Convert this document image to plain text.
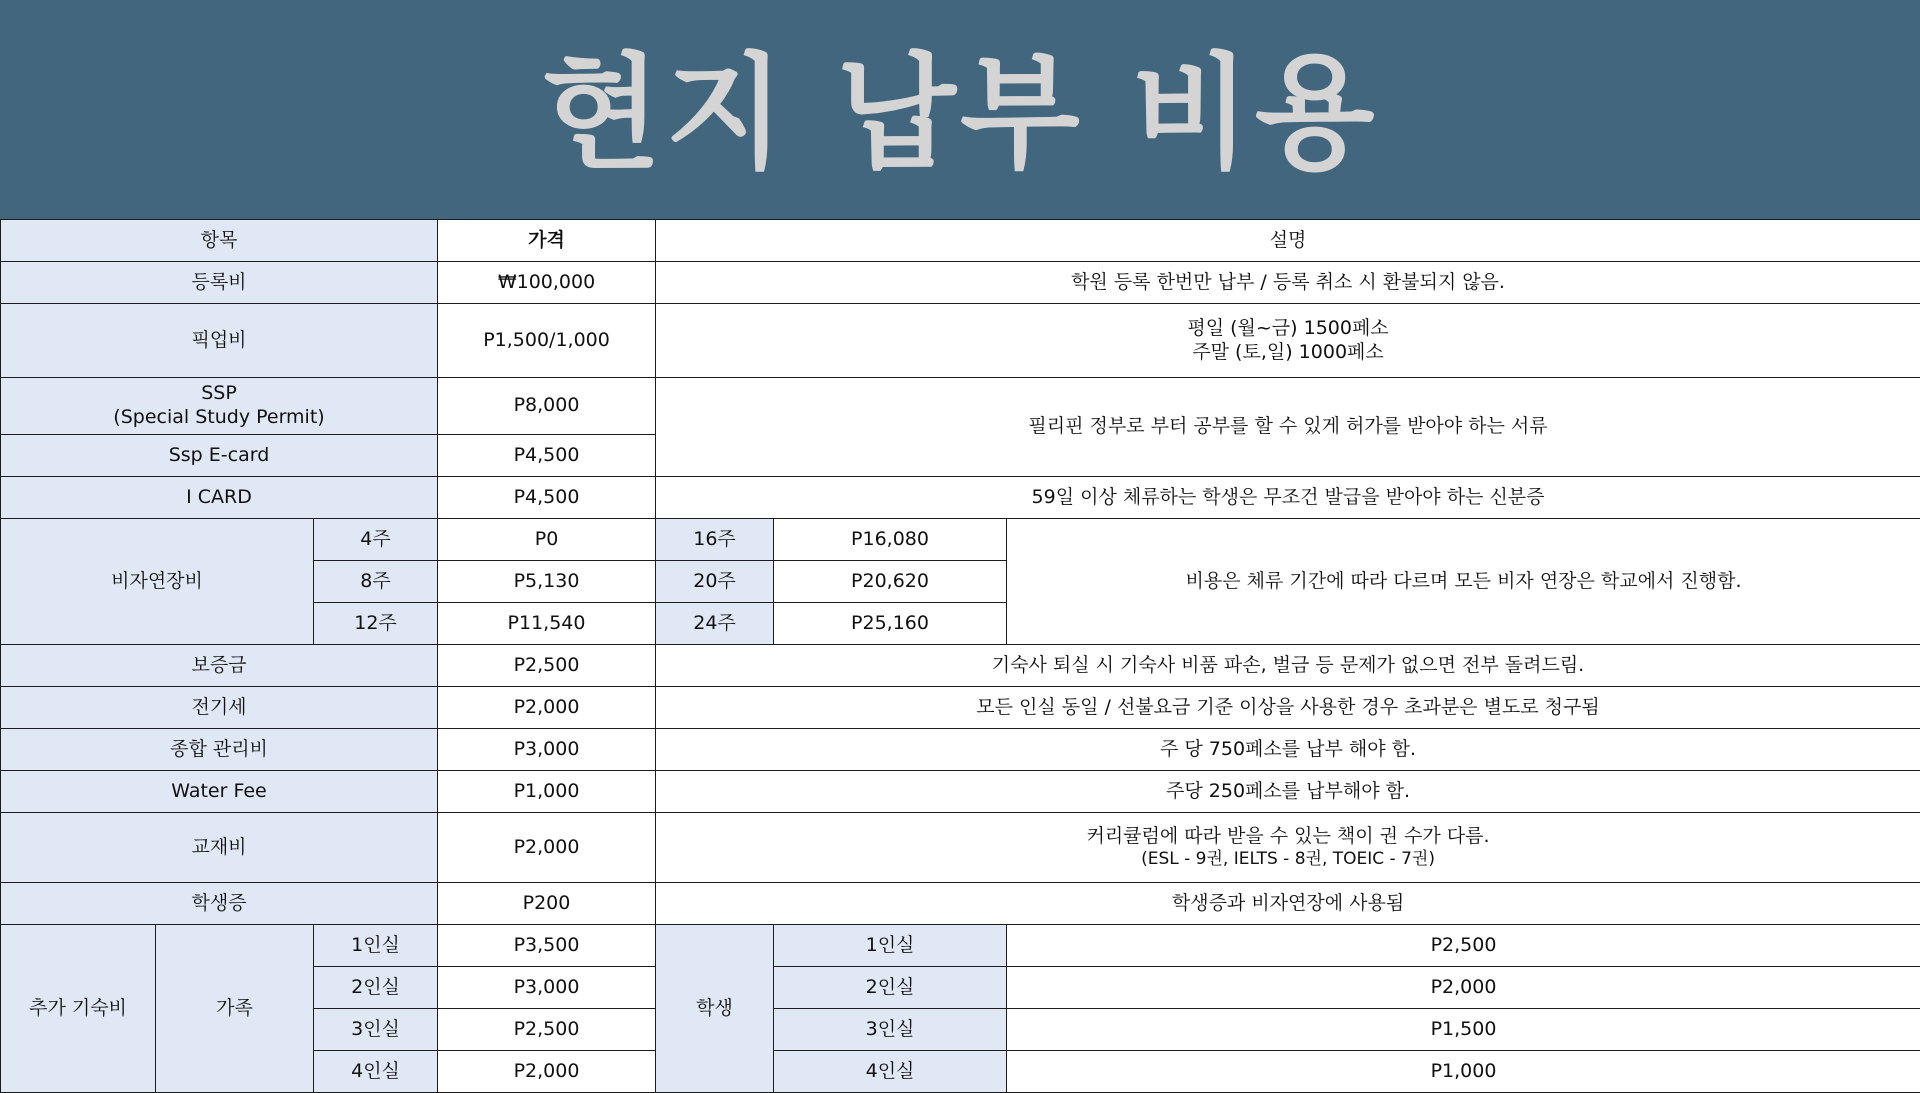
현지 납부 비용
항목			가격	설명		
등록비			₩100,000	학원 등록 한번만 납부 / 등록 취소 시 환불되지 않음.		
픽업비			P1,500/1,000	평일 (월~금) 1500페소
주말 (토,일) 1000페소		

SSP
(Special Study Permit)			P8,000	필리핀 정부로 부터 공부를 할 수 있게 허가를 받아야 하는 서류		
Ssp E-card			P4,500			
I CARD			P4,500	59일 이상 체류하는 학생은 무조건 발급을 받아야 하는 신분증		
비자연장비		4주	P0	16주	P16,080	비용은 체류 기간에 따라 다르며 모든 비자 연장은 학교에서 진행함.
		8주	P5,130	20주	P20,620	
		12주	P11,540	24주	P25,160	
보증금			P2,500	기숙사 퇴실 시 기숙사 비품 파손, 벌금 등 문제가 없으면 전부 돌려드림.		
전기세			P2,000	모든 인실 동일 / 선불요금 기준 이상을 사용한 경우 초과분은 별도로 청구됨		
종합 관리비			P3,000	주 당 750페소를 납부 해야 함.		
Water Fee			P1,000	주당 250페소를 납부해야 함.		
교재비			P2,000	커리큘럼에 따라 받을 수 있는 책이 권 수가 다름.
(ESL - 9권, IELTS - 8권, TOEIC - 7권)		

학생증			P200	학생증과 비자연장에 사용됨		
추가 기숙비	가족	1인실	P3,500	학생	1인실	P2,500
		2인실	P3,000		2인실	P2,000
		3인실	P2,500		3인실	P1,500
		4인실	P2,000		4인실	P1,000
